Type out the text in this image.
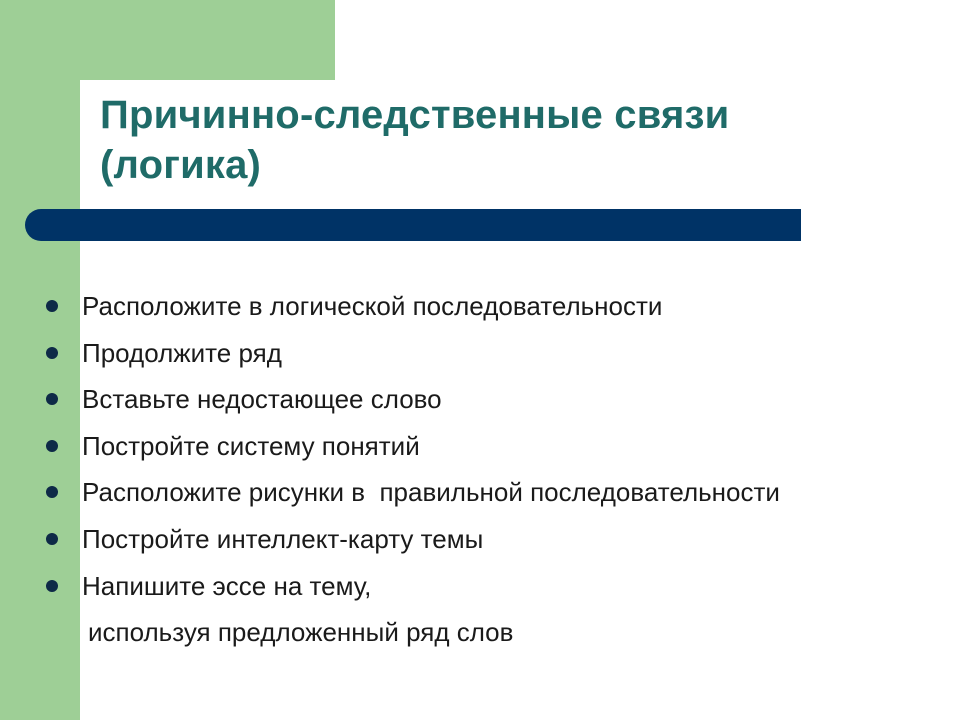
Причинно-следственные связи
(логика)
Расположите в логической последовательности
Продолжите ряд
Вставьте недостающее слово
Постройте систему понятий
Расположите рисунки в  правильной последовательности
Постройте интеллект-карту темы
Напишите эссе на тему,
используя предложенный ряд слов
